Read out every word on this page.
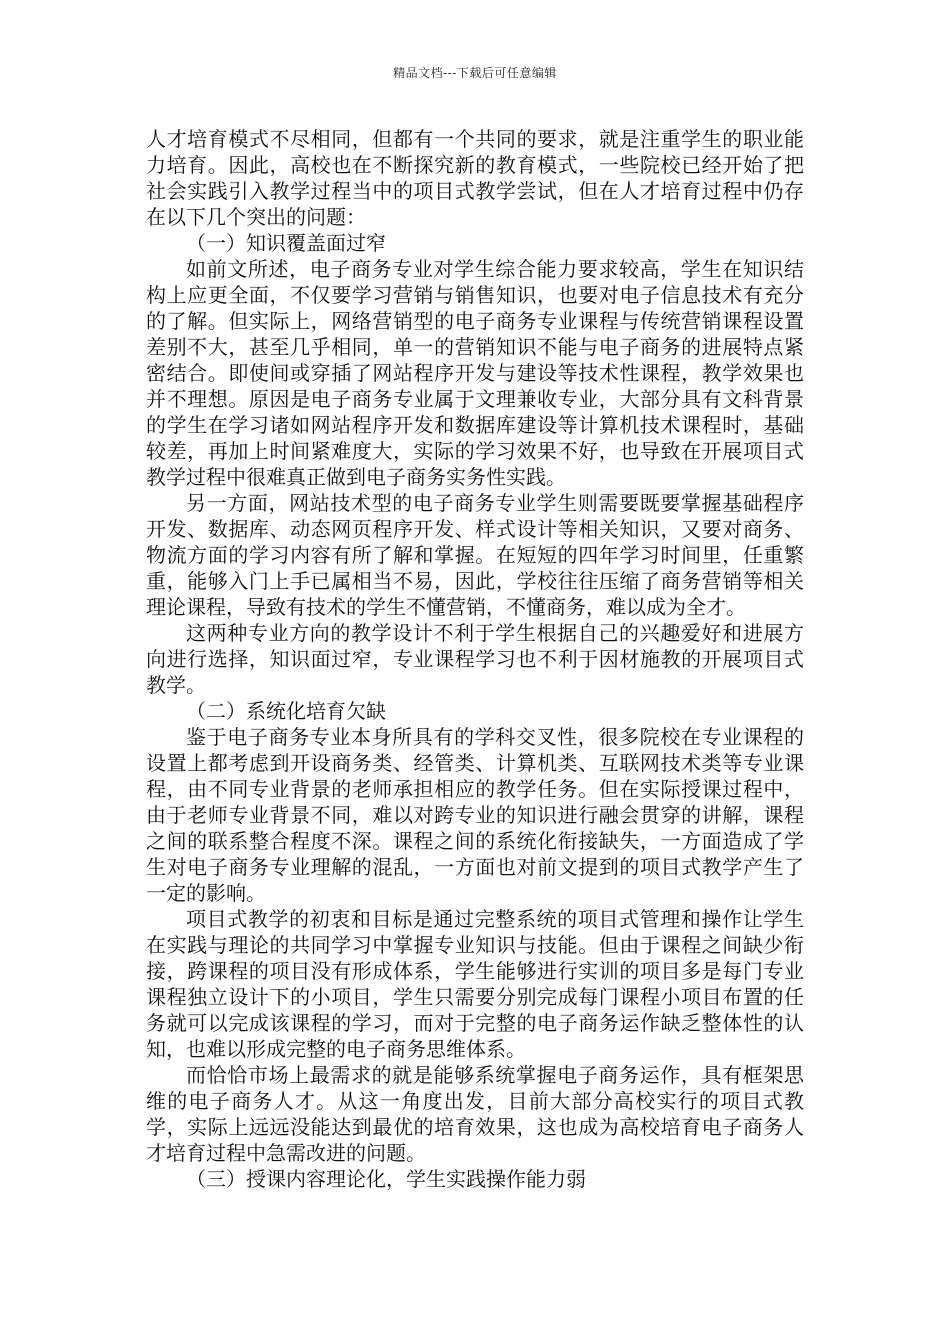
精品文档---下载后可任意编辑

人才培育模式不尽相同，但都有一个共同的要求，就是注重学生的职业能力培育。因此，高校也在不断探究新的教育模式，一些院校已经开始了把社会实践引入教学过程当中的项目式教学尝试，但在人才培育过程中仍存在以下几个突出的问题：

（一）知识覆盖面过窄

如前文所述，电子商务专业对学生综合能力要求较高，学生在知识结构上应更全面，不仅要学习营销与销售知识，也要对电子信息技术有充分的了解。但实际上，网络营销型的电子商务专业课程与传统营销课程设置差别不大，甚至几乎相同，单一的营销知识不能与电子商务的进展特点紧密结合。即使间或穿插了网站程序开发与建设等技术性课程，教学效果也并不理想。原因是电子商务专业属于文理兼收专业，大部分具有文科背景的学生在学习诸如网站程序开发和数据库建设等计算机技术课程时，基础较差，再加上时间紧难度大，实际的学习效果不好，也导致在开展项目式教学过程中很难真正做到电子商务实务性实践。

另一方面，网站技术型的电子商务专业学生则需要既要掌握基础程序开发、数据库、动态网页程序开发、样式设计等相关知识，又要对商务、物流方面的学习内容有所了解和掌握。在短短的四年学习时间里，任重繁重，能够入门上手已属相当不易，因此，学校往往压缩了商务营销等相关理论课程，导致有技术的学生不懂营销，不懂商务，难以成为全才。

这两种专业方向的教学设计不利于学生根据自己的兴趣爱好和进展方向进行选择，知识面过窄，专业课程学习也不利于因材施教的开展项目式教学。

（二）系统化培育欠缺

鉴于电子商务专业本身所具有的学科交叉性，很多院校在专业课程的设置上都考虑到开设商务类、经管类、计算机类、互联网技术类等专业课程，由不同专业背景的老师承担相应的教学任务。但在实际授课过程中，由于老师专业背景不同，难以对跨专业的知识进行融会贯穿的讲解，课程之间的联系整合程度不深。课程之间的系统化衔接缺失，一方面造成了学生对电子商务专业理解的混乱，一方面也对前文提到的项目式教学产生了一定的影响。

项目式教学的初衷和目标是通过完整系统的项目式管理和操作让学生在实践与理论的共同学习中掌握专业知识与技能。但由于课程之间缺少衔接，跨课程的项目没有形成体系，学生能够进行实训的项目多是每门专业课程独立设计下的小项目，学生只需要分别完成每门课程小项目布置的任务就可以完成该课程的学习，而对于完整的电子商务运作缺乏整体性的认知，也难以形成完整的电子商务思维体系。

而恰恰市场上最需求的就是能够系统掌握电子商务运作，具有框架思维的电子商务人才。从这一角度出发，目前大部分高校实行的项目式教学，实际上远远没能达到最优的培育效果，这也成为高校培育电子商务人才培育过程中急需改进的问题。

（三）授课内容理论化，学生实践操作能力弱
